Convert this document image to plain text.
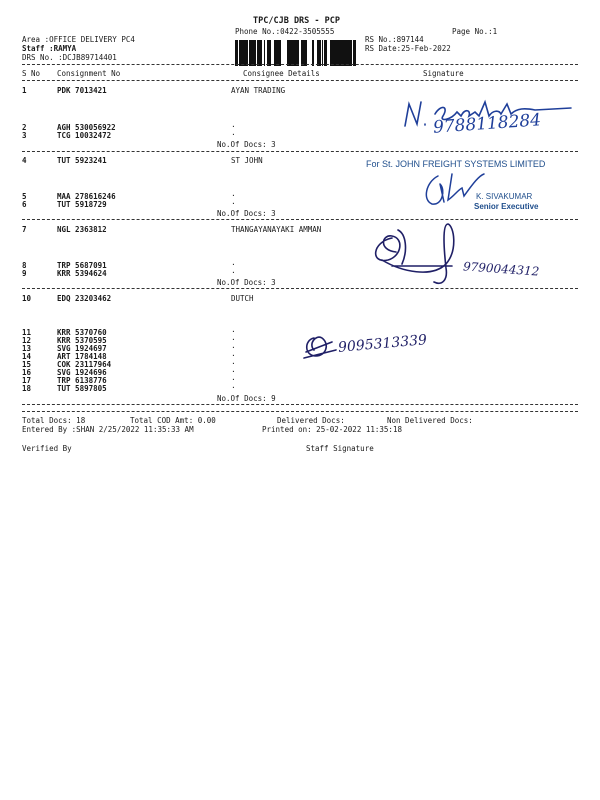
TPC/CJB DRS - PCP
Phone No.:0422-3505555	Page No.:1
Area :OFFICE DELIVERY PC4
Staff :RAMYA
DRS No. :DCJB89714401
RS No.:897144
RS Date:25-Feb-2022
S No Consignment No	Consignee Details	Signature
1	PDK 7013421	AYAN TRADING
2	AGH 530056922	.
3	TCG 10032472	.
No.Of Docs: 3
4	TUT 5923241	ST JOHN
5	MAA 278616246	.
6	TUT 5918729	.
No.Of Docs: 3
7	NGL 2363812	THANGAYANAYAKI AMMAN
8	TRP 5687091	.
9	KRR 5394624	.
No.Of Docs: 3
10	EDQ 23203462	DUTCH
11	KRR 5370760	.
12	KRR 5370595	.
13	SVG 1924697	.
14	ART 1784148	.
15	COK 23117964	.
16	SVG 1924696	.
17	TRP 6138776	.
18	TUT 5897805	.
No.Of Docs: 9
Total Docs: 18	Total COD Amt: 0.00	Delivered Docs:	Non Delivered Docs:
Entered By :SHAN 2/25/2022 11:35:33 AM	Printed on: 25-02-2022 11:35:18
Verified By	Staff Signature
9788118284
For St. JOHN FREIGHT SYSTEMS LIMITED
K. SIVAKUMAR
Senior Executive
9790044312
9095313339
